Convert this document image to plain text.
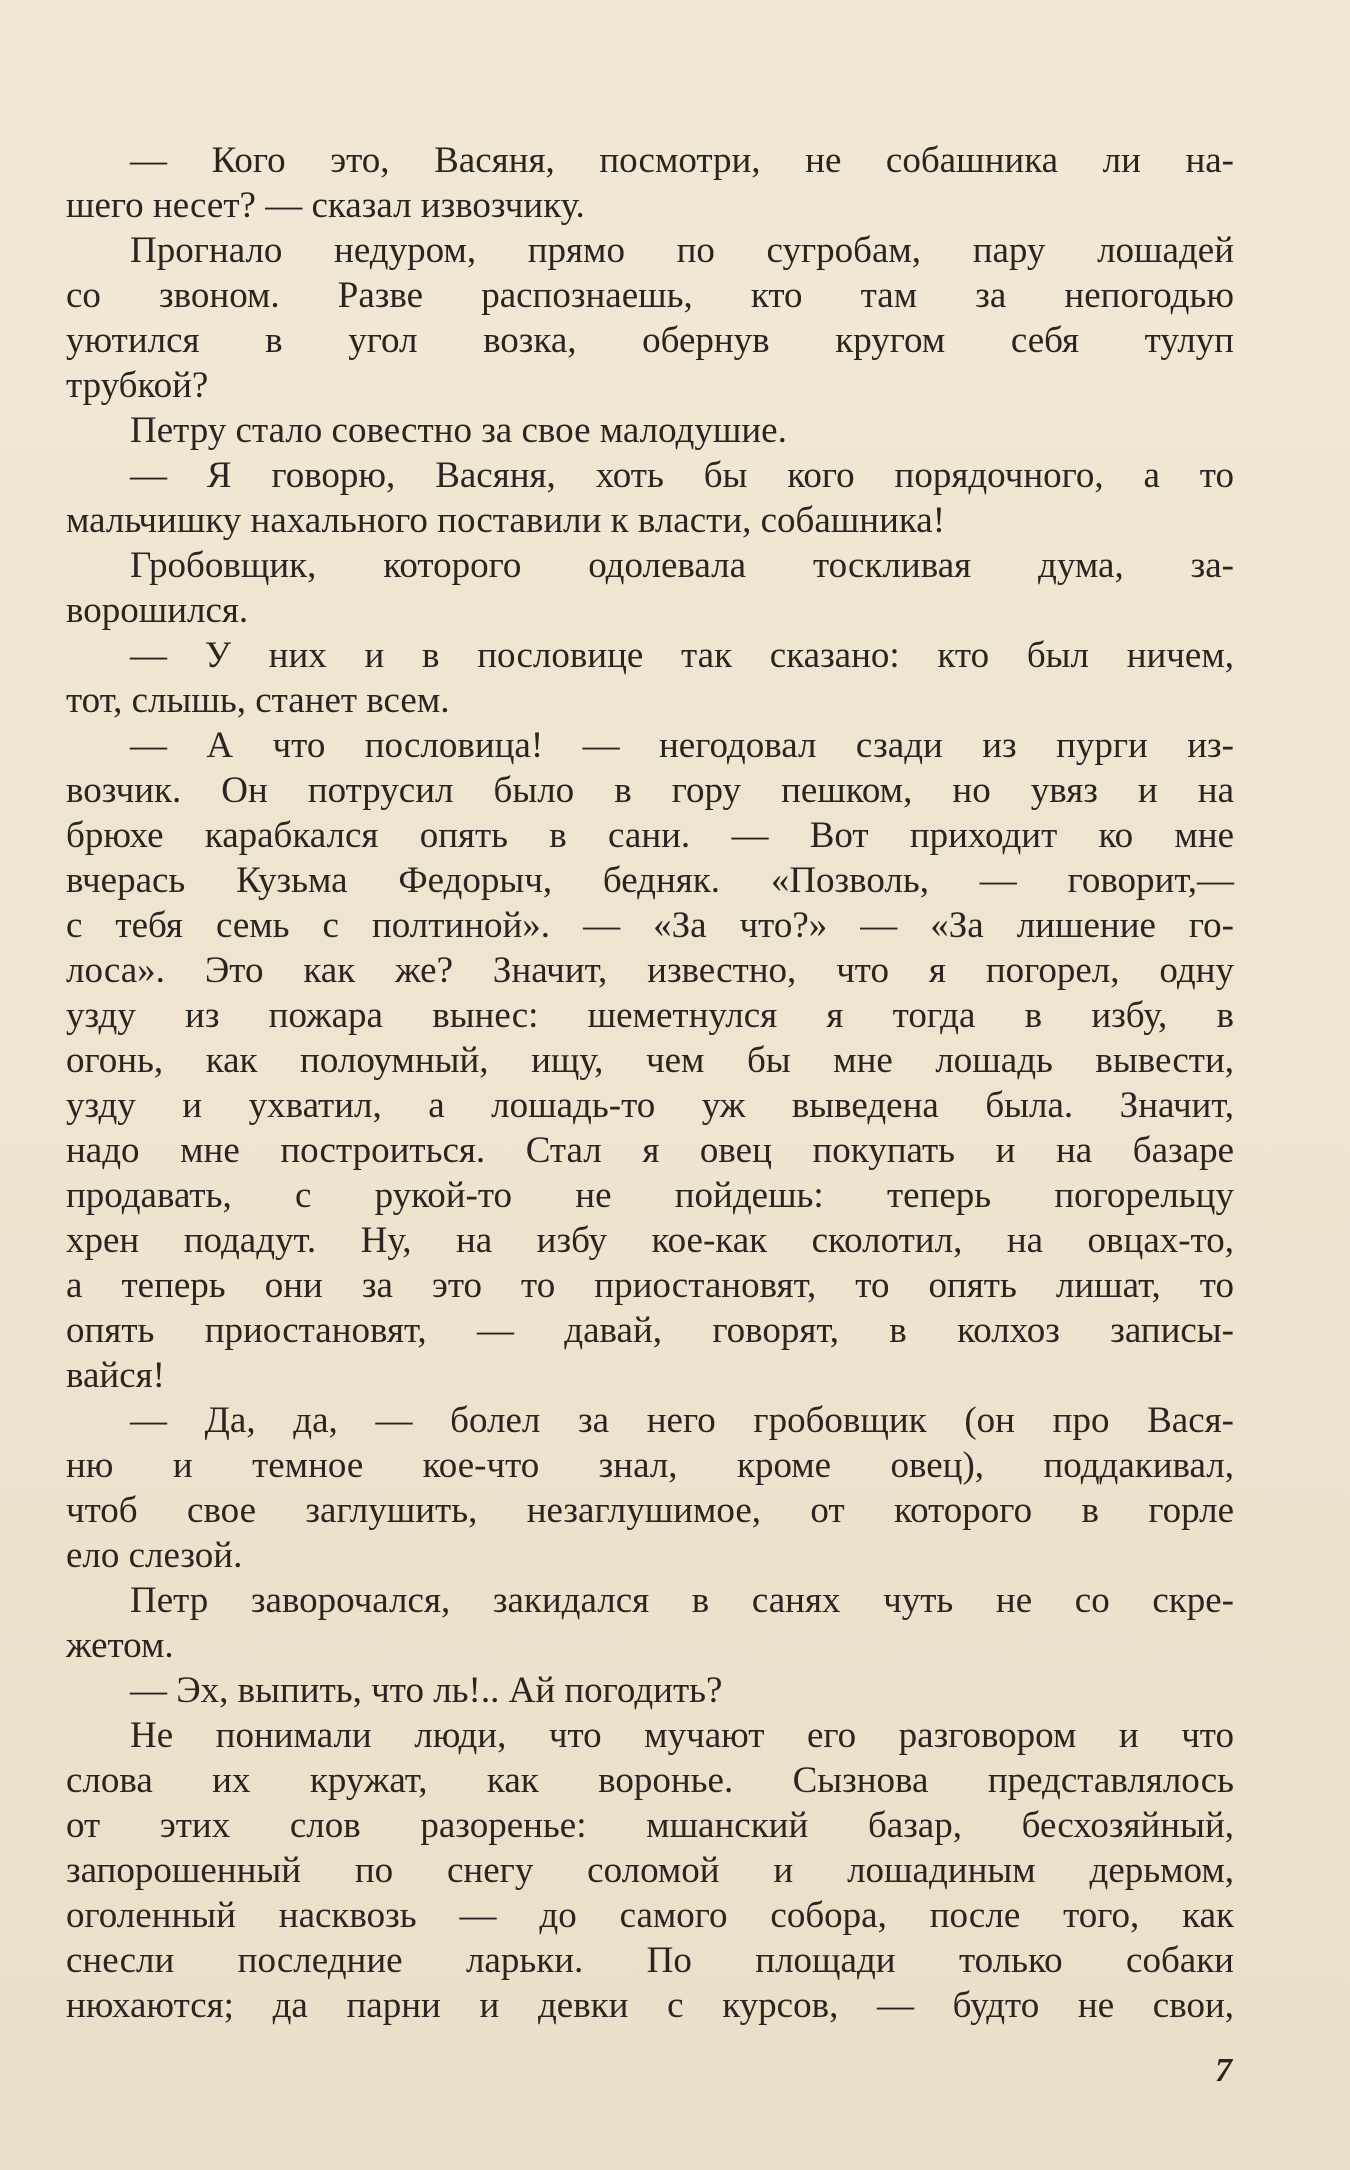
— Кого это, Васяня, посмотри, не собашника ли на-
шего несет? — сказал извозчику.
Прогнало недуром, прямо по сугробам, пару лошадей
со звоном. Разве распознаешь, кто там за непогодью
уютился в угол возка, обернув кругом себя тулуп
трубкой?
Петру стало совестно за свое малодушие.
— Я говорю, Васяня, хоть бы кого порядочного, а то
мальчишку нахального поставили к власти, собашника!
Гробовщик, которого одолевала тоскливая дума, за-
ворошился.
— У них и в пословице так сказано: кто был ничем,
тот, слышь, станет всем.
— А что пословица! — негодовал сзади из пурги из-
возчик. Он потрусил было в гору пешком, но увяз и на
брюхе карабкался опять в сани. — Вот приходит ко мне
вчерась Кузьма Федорыч, бедняк. «Позволь, — говорит,—
с тебя семь с полтиной». — «За что?» — «За лишение го-
лоса». Это как же? Значит, известно, что я погорел, одну
узду из пожара вынес: шеметнулся я тогда в избу, в
огонь, как полоумный, ищу, чем бы мне лошадь вывести,
узду и ухватил, а лошадь-то уж выведена была. Значит,
надо мне построиться. Стал я овец покупать и на базаре
продавать, с рукой-то не пойдешь: теперь погорельцу
хрен подадут. Ну, на избу кое-как сколотил, на овцах-то,
а теперь они за это то приостановят, то опять лишат, то
опять приостановят, — давай, говорят, в колхоз записы-
вайся!
— Да, да, — болел за него гробовщик (он про Вася-
ню и темное кое-что знал, кроме овец), поддакивал,
чтоб свое заглушить, незаглушимое, от которого в горле
ело слезой.
Петр заворочался, закидался в санях чуть не со скре-
жетом.
— Эх, выпить, что ль!.. Ай погодить?
Не понимали люди, что мучают его разговором и что
слова их кружат, как воронье. Сызнова представлялось
от этих слов разоренье: мшанский базар, бесхозяйный,
запорошенный по снегу соломой и лошадиным дерьмом,
оголенный насквозь — до самого собора, после того, как
снесли последние ларьки. По площади только собаки
нюхаются; да парни и девки с курсов, — будто не свои,
7
